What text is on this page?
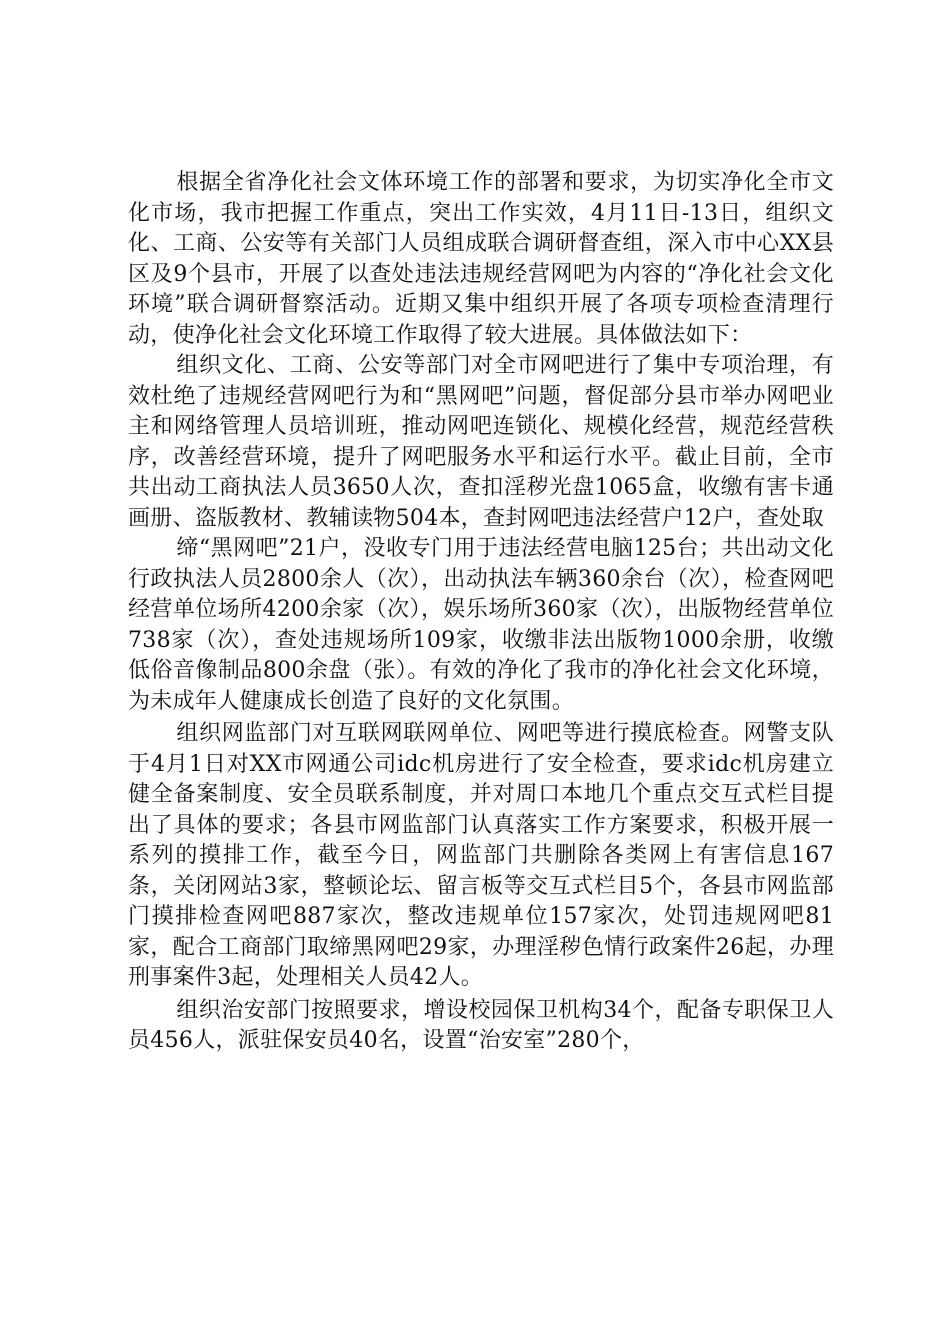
根据全省净化社会文体环境工作的部署和要求，为切实净化全市文化市场，我市把握工作重点，突出工作实效，4月11日-13日，组织文化、工商、公安等有关部门人员组成联合调研督查组，深入市中心XX县区及9个县市，开展了以查处违法违规经营网吧为内容的“净化社会文化环境”联合调研督察活动。近期又集中组织开展了各项专项检查清理行动，使净化社会文化环境工作取得了较大进展。具体做法如下：

组织文化、工商、公安等部门对全市网吧进行了集中专项治理，有效杜绝了违规经营网吧行为和“黑网吧”问题，督促部分县市举办网吧业主和网络管理人员培训班，推动网吧连锁化、规模化经营，规范经营秩序，改善经营环境，提升了网吧服务水平和运行水平。截止目前，全市共出动工商执法人员3650人次，查扣淫秽光盘1065盒，收缴有害卡通画册、盗版教材、教辅读物504本，查封网吧违法经营户12户，查处取

缔“黑网吧”21户，没收专门用于违法经营电脑125台；共出动文化行政执法人员2800余人（次），出动执法车辆360余台（次），检查网吧经营单位场所4200余家（次），娱乐场所360家（次），出版物经营单位738家（次），查处违规场所109家，收缴非法出版物1000余册，收缴低俗音像制品800余盘（张）。有效的净化了我市的净化社会文化环境，为未成年人健康成长创造了良好的文化氛围。

组织网监部门对互联网联网单位、网吧等进行摸底检查。网警支队于4月1日对XX市网通公司idc机房进行了安全检查，要求idc机房建立健全备案制度、安全员联系制度，并对周口本地几个重点交互式栏目提出了具体的要求；各县市网监部门认真落实工作方案要求，积极开展一系列的摸排工作，截至今日，网监部门共删除各类网上有害信息167条，关闭网站3家，整顿论坛、留言板等交互式栏目5个，各县市网监部门摸排检查网吧887家次，整改违规单位157家次，处罚违规网吧81家，配合工商部门取缔黑网吧29家，办理淫秽色情行政案件26起，办理刑事案件3起，处理相关人员42人。

组织治安部门按照要求，增设校园保卫机构34个，配备专职保卫人员456人，派驻保安员40名，设置“治安室”280个，
